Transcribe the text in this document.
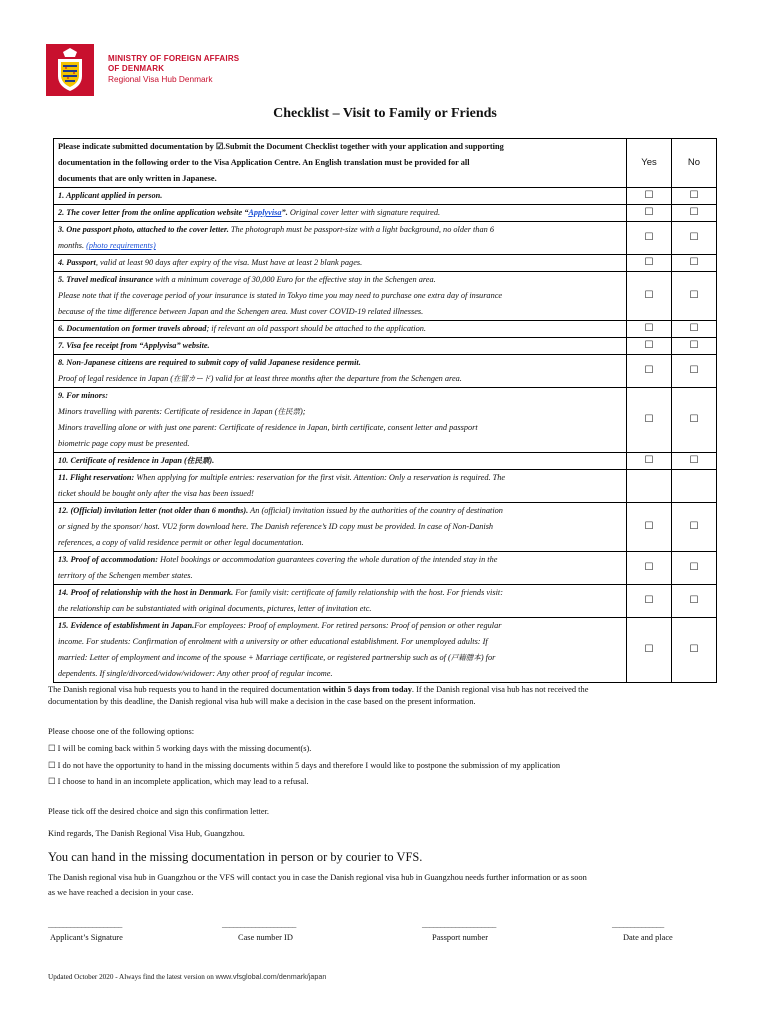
MINISTRY OF FOREIGN AFFAIRS
OF DENMARK
Regional Visa Hub Denmark
Checklist – Visit to Family or Friends
Please indicate submitted documentation by ☑.Submit the Document Checklist together with your application and supporting
documentation in the following order to the Visa Application Centre. An English translation must be provided for all
documents that are only written in Japanese.	Yes	No
1. Applicant applied in person.	☐	☐
2. The cover letter from the online application website “Applyvisa”. Original cover letter with signature required.	☐	☐
3. One passport photo, attached to the cover letter. The photograph must be passport-size with a light background, no older than 6
months. (photo requirements)	☐	☐
4. Passport, valid at least 90 days after expiry of the visa. Must have at least 2 blank pages.	☐	☐
5. Travel medical insurance with a minimum coverage of 30,000 Euro for the effective stay in the Schengen area.
Please note that if the coverage period of your insurance is stated in Tokyo time you may need to purchase one extra day of insurance
because of the time difference between Japan and the Schengen area. Must cover COVID-19 related illnesses.	☐	☐
6. Documentation on former travels abroad; if relevant an old passport should be attached to the application.	☐	☐
7. Visa fee receipt from “Applyvisa” website.	☐	☐
8. Non-Japanese citizens are required to submit copy of valid Japanese residence permit.
Proof of legal residence in Japan (在留カード) valid for at least three months after the departure from the Schengen area.	☐	☐
9. For minors:
Minors travelling with parents: Certificate of residence in Japan (住民票);
Minors travelling alone or with just one parent: Certificate of residence in Japan, birth certificate, consent letter and passport
biometric page copy must be presented.	☐	☐
10. Certificate of residence in Japan (住民票).	☐	☐
11. Flight reservation: When applying for multiple entries: reservation for the first visit. Attention: Only a reservation is required. The
ticket should be bought only after the visa has been issued!		
12. (Official) invitation letter (not older than 6 months). An (official) invitation issued by the authorities of the country of destination
or signed by the sponsor/ host. VU2 form download here. The Danish reference’s ID copy must be provided. In case of Non-Danish
references, a copy of valid residence permit or other legal documentation.	☐	☐
13. Proof of accommodation: Hotel bookings or accommodation guarantees covering the whole duration of the intended stay in the
territory of the Schengen member states.	☐	☐
14. Proof of relationship with the host in Denmark. For family visit: certificate of family relationship with the host. For friends visit:
the relationship can be substantiated with original documents, pictures, letter of invitation etc.	☐	☐
15. Evidence of establishment in Japan.For employees: Proof of employment. For retired persons: Proof of pension or other regular
income. For students: Confirmation of enrolment with a university or other educational establishment. For unemployed adults: If
married: Letter of employment and income of the spouse + Marriage certificate, or registered partnership such as of (戸籍謄本) for
dependents. If single/divorced/widow/widower: Any other proof of regular income.	☐	☐
The Danish regional visa hub requests you to hand in the required documentation within 5 days from today. If the Danish regional visa hub has not received the
documentation by this deadline, the Danish regional visa hub will make a decision in the case based on the present information.
Please choose one of the following options:
☐ I will be coming back within 5 working days with the missing document(s).
☐ I do not have the opportunity to hand in the missing documents within 5 days and therefore I would like to postpone the submission of my application
☐ I choose to hand in an incomplete application, which may lead to a refusal.
Please tick off the desired choice and sign this confirmation letter.
Kind regards, The Danish Regional Visa Hub, Guangzhou.
You can hand in the missing documentation in person or by courier to VFS.
The Danish regional visa hub in Guangzhou or the VFS will contact you in case the Danish regional visa hub in Guangzhou needs further information or as soon
as we have reached a decision in your case.
____________________	____________________	____________________	______________
Applicant’s Signature	Case number ID	Passport number	Date and place
Updated October 2020 - Always find the latest version on www.vfsglobal.com/denmark/japan
